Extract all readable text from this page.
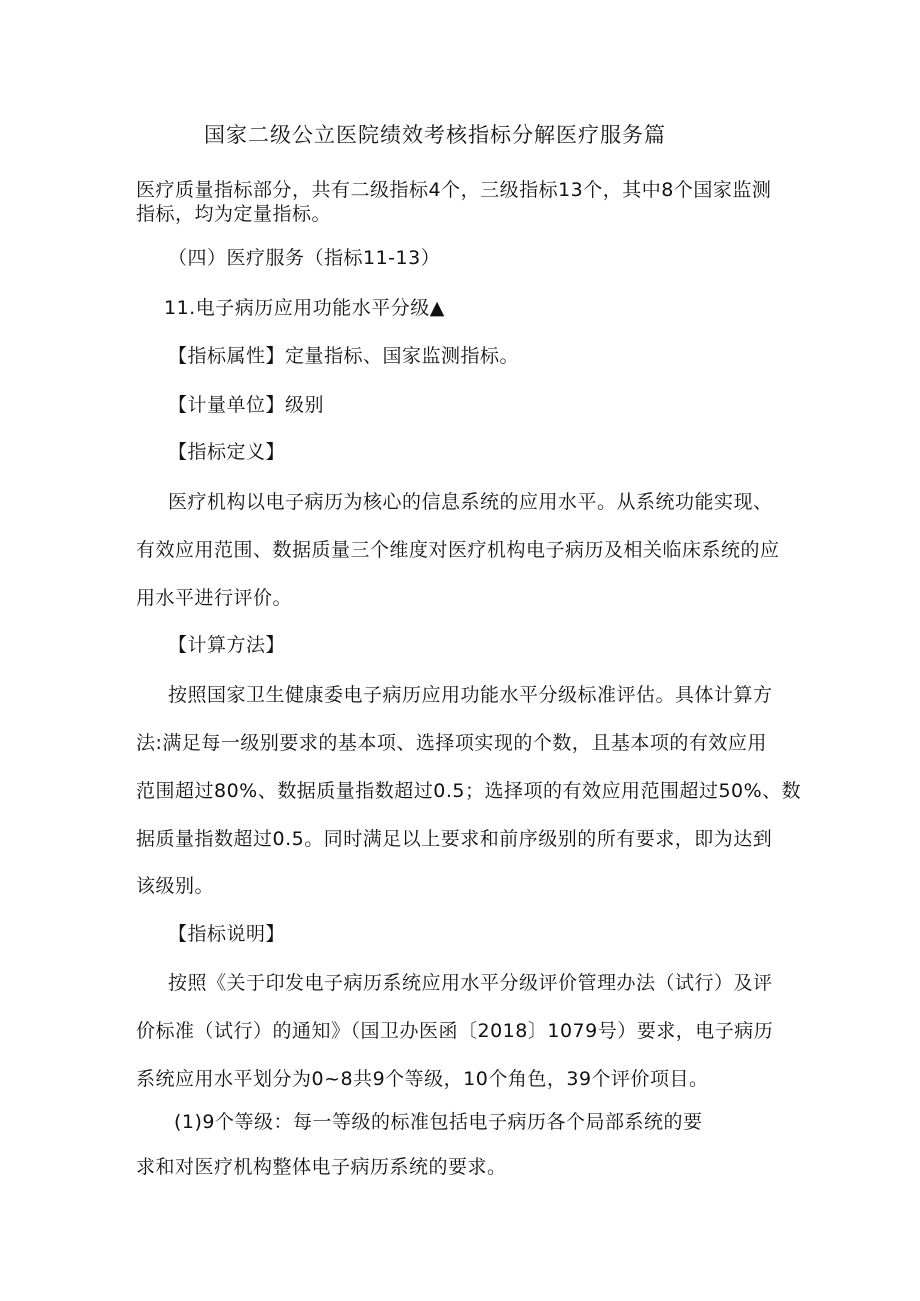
国家二级公立医院绩效考核指标分解医疗服务篇
医疗质量指标部分，共有二级指标4个，三级指标13个，其中8个国家监测
指标，均为定量指标。
（四）医疗服务（指标11-13）
11.电子病历应用功能水平分级▲
【指标属性】定量指标、国家监测指标。
【计量单位】级别
【指标定义】
医疗机构以电子病历为核心的信息系统的应用水平。从系统功能实现、
有效应用范围、数据质量三个维度对医疗机构电子病历及相关临床系统的应
用水平进行评价。
【计算方法】
按照国家卫生健康委电子病历应用功能水平分级标准评估。具体计算方
法:满足每一级别要求的基本项、选择项实现的个数，且基本项的有效应用
范围超过80%、数据质量指数超过0.5；选择项的有效应用范围超过50%、数
据质量指数超过0.5。同时满足以上要求和前序级别的所有要求，即为达到
该级别。
【指标说明】
按照《关于印发电子病历系统应用水平分级评价管理办法（试行）及评
价标准（试行）的通知》（国卫办医函〔2018〕1079号）要求，电子病历
系统应用水平划分为0~8共9个等级，10个角色，39个评价项目。
(1)9个等级：每一等级的标准包括电子病历各个局部系统的要
求和对医疗机构整体电子病历系统的要求。
